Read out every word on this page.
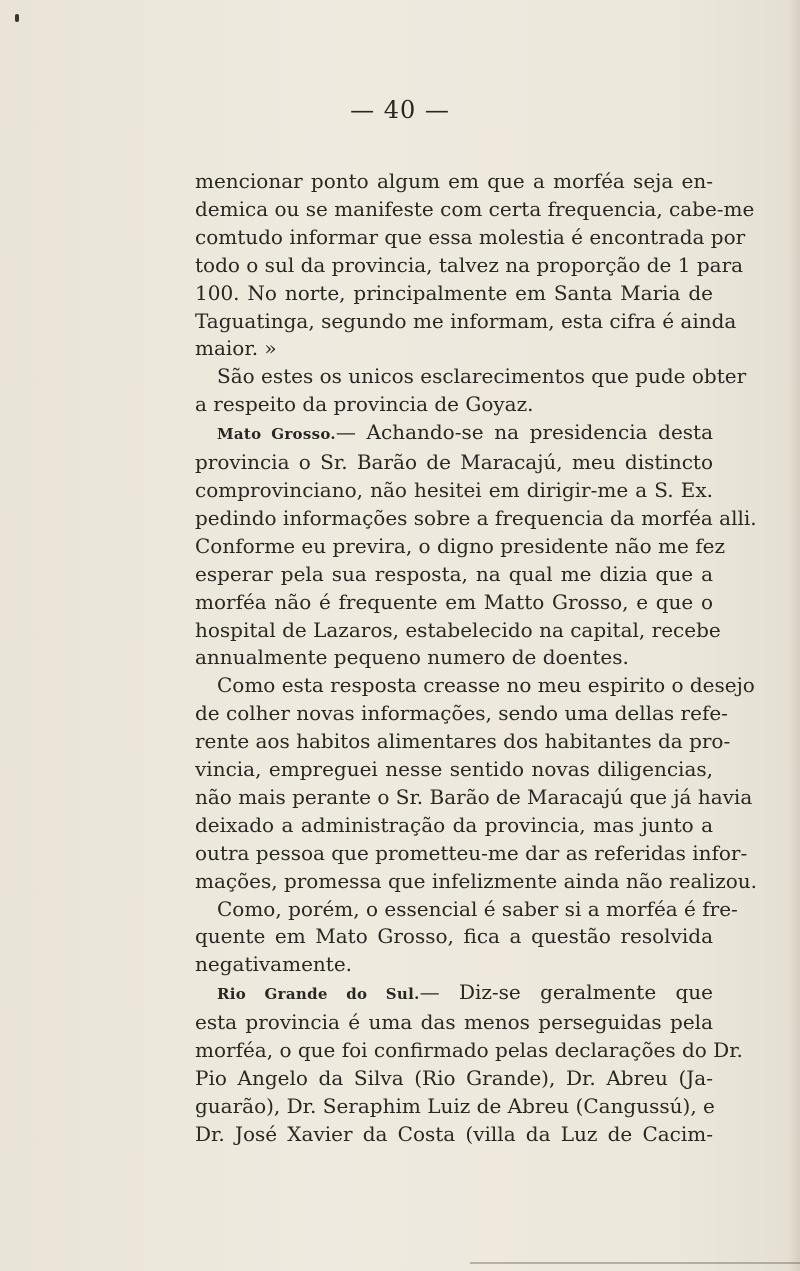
— 40 —
mencionar ponto algum em que a morféa seja en-
demica ou se manifeste com certa frequencia, cabe-me
comtudo informar que essa molestia é encontrada por
todo o sul da provincia, talvez na proporção de 1 para
100. No norte, principalmente em Santa Maria de
Taguatinga, segundo me informam, esta cifra é ainda
maior. »
São estes os unicos esclarecimentos que pude obter
a respeito da provincia de Goyaz.
Mato Grosso.— Achando-se na presidencia desta
provincia o Sr. Barão de Maracajú, meu distincto
comprovinciano, não hesitei em dirigir-me a S. Ex.
pedindo informações sobre a frequencia da morféa alli.
Conforme eu previra, o digno presidente não me fez
esperar pela sua resposta, na qual me dizia que a
morféa não é frequente em Matto Grosso, e que o
hospital de Lazaros, estabelecido na capital, recebe
annualmente pequeno numero de doentes.
Como esta resposta creasse no meu espirito o desejo
de colher novas informações, sendo uma dellas refe-
rente aos habitos alimentares dos habitantes da pro-
vincia, empreguei nesse sentido novas diligencias,
não mais perante o Sr. Barão de Maracajú que já havia
deixado a administração da provincia, mas junto a
outra pessoa que prometteu-me dar as referidas infor-
mações, promessa que infelizmente ainda não realizou.
Como, porém, o essencial é saber si a morféa é fre-
quente em Mato Grosso, fica a questão resolvida
negativamente.
Rio Grande do Sul.— Diz-se geralmente que
esta provincia é uma das menos perseguidas pela
morféa, o que foi confirmado pelas declarações do Dr.
Pio Angelo da Silva (Rio Grande), Dr. Abreu (Ja-
guarão), Dr. Seraphim Luiz de Abreu (Cangussú), e
Dr. José Xavier da Costa (villa da Luz de Cacim-
